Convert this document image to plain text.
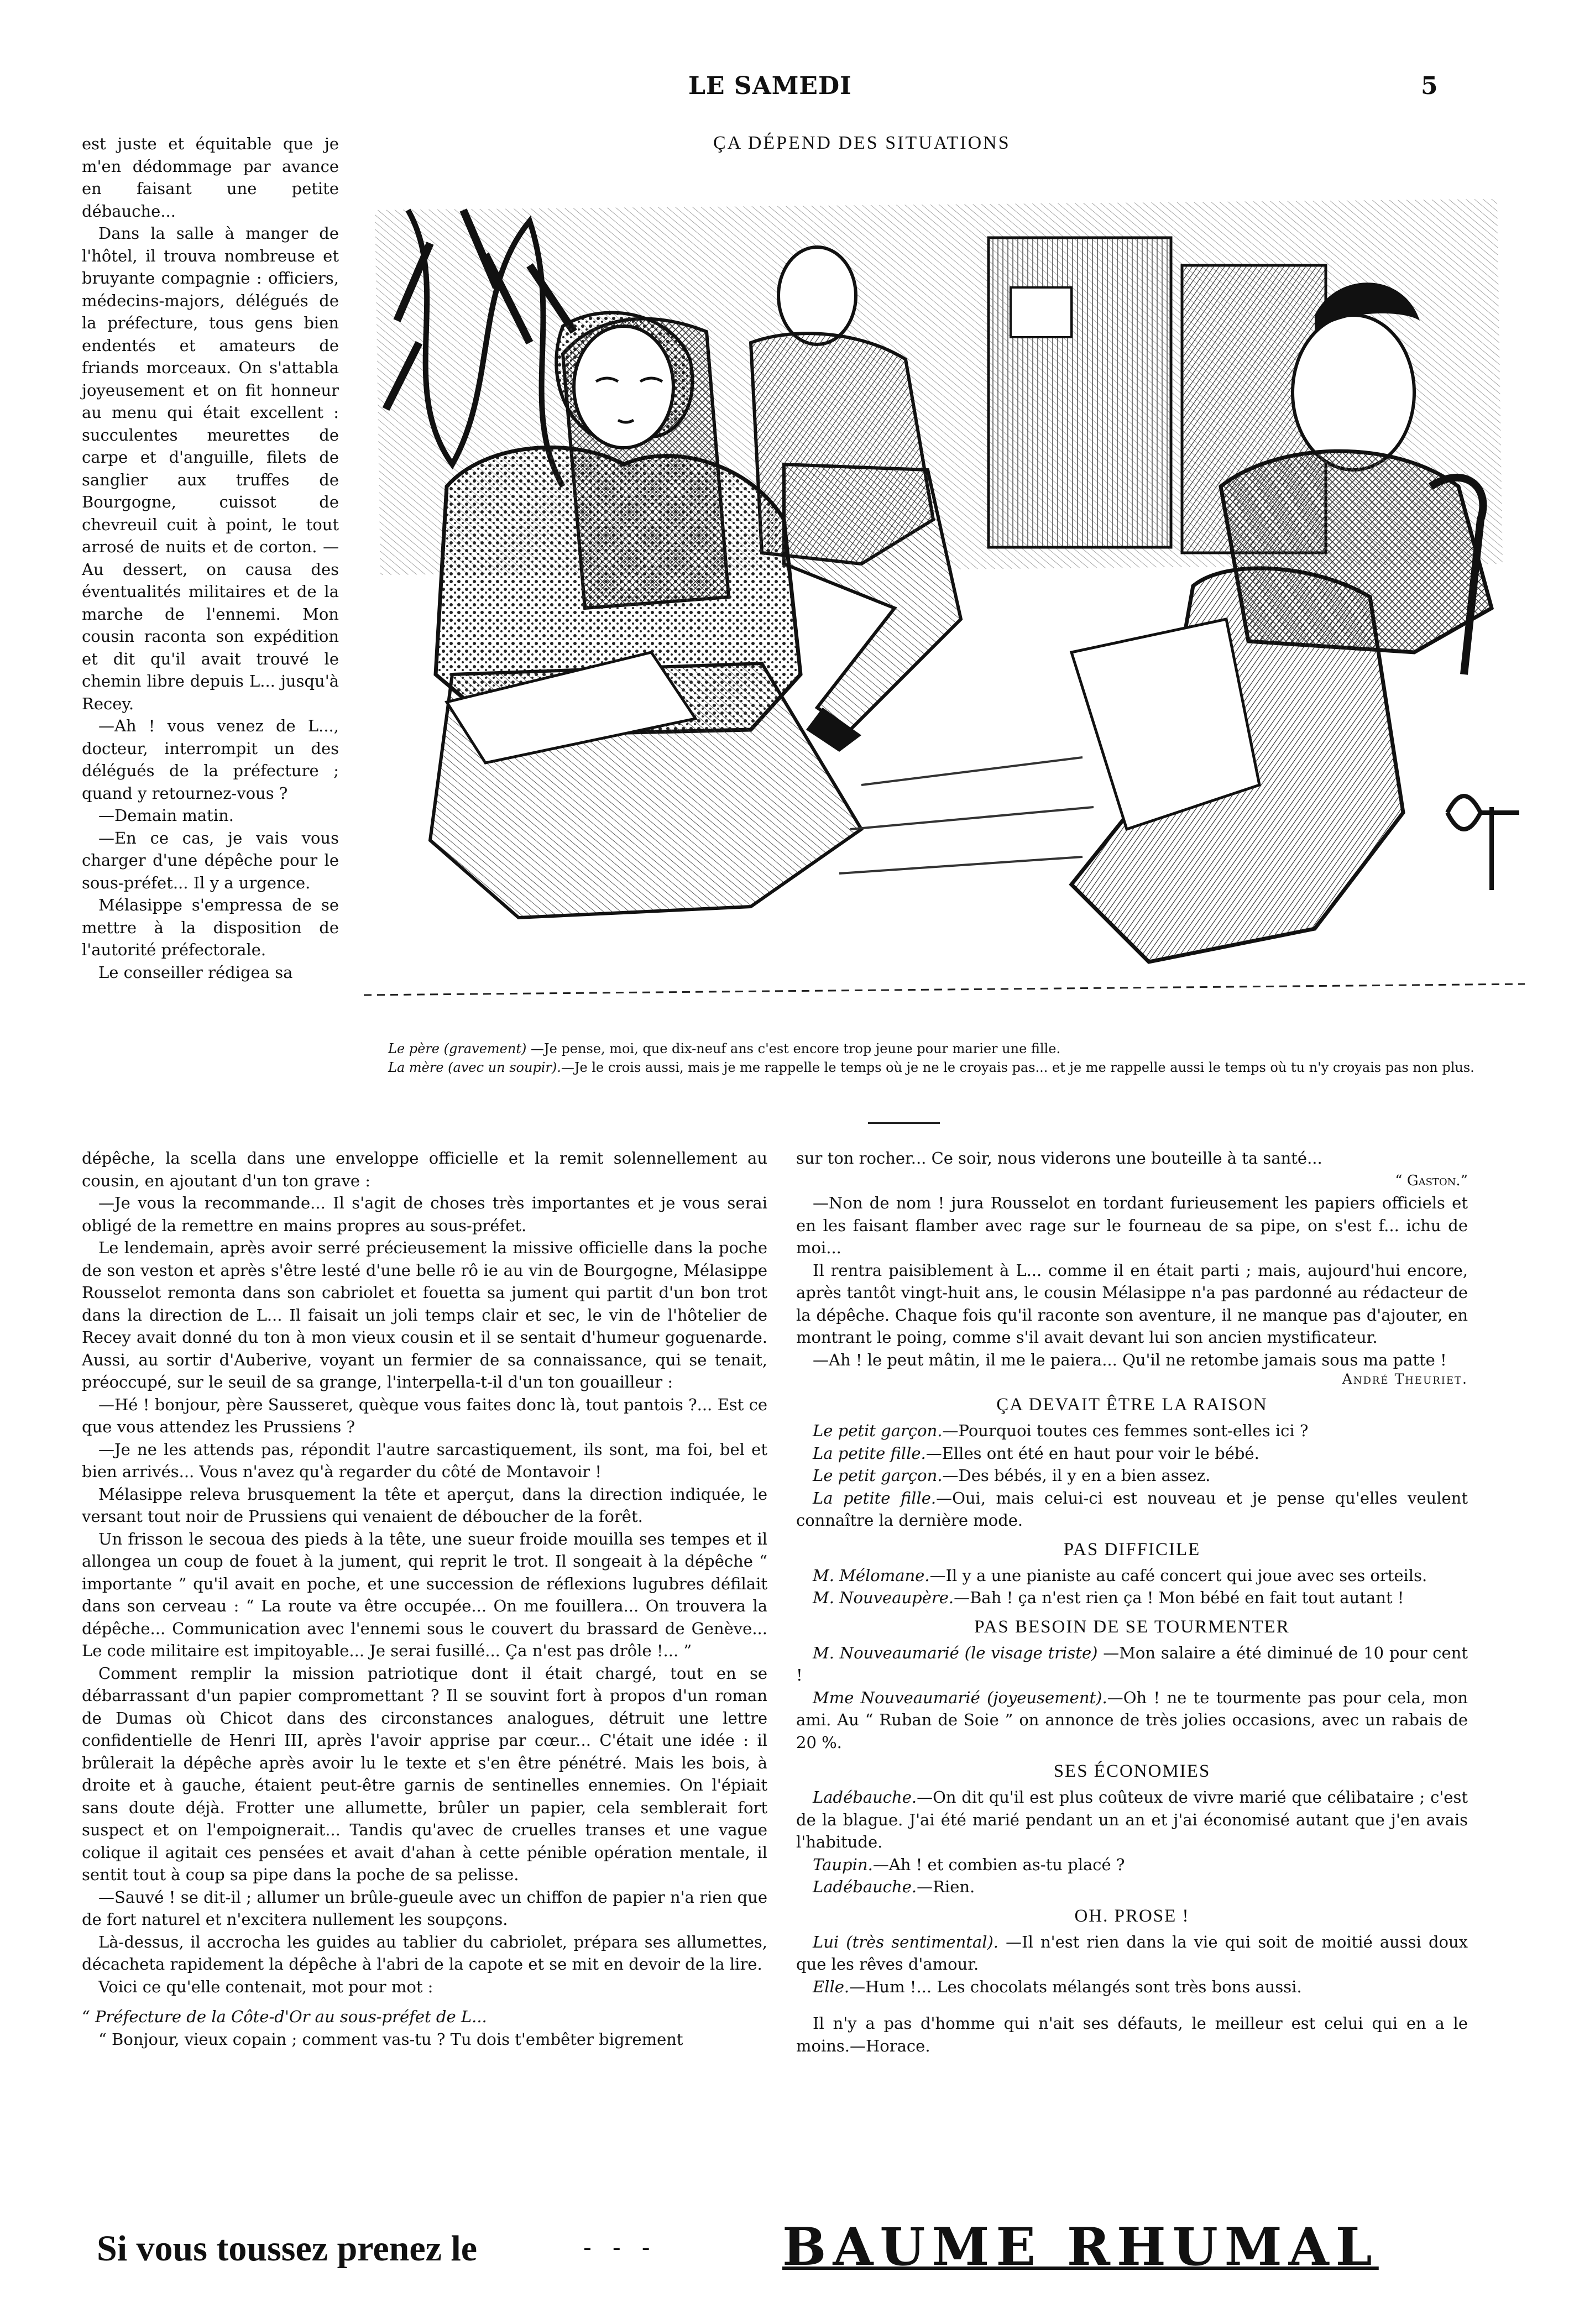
LE SAMEDI	5
ÇA DÉPEND DES SITUATIONS
Le père (gravement) —Je pense, moi, que dix-neuf ans c'est encore trop jeune pour marier une fille.
La mère (avec un soupir).—Je le crois aussi, mais je me rappelle le temps où je ne le croyais pas... et je me rappelle aussi le temps où tu n'y croyais pas non plus.

est juste et équitable que je m'en dédommage par avance en faisant une petite débauche...

Dans la salle à manger de l'hôtel, il trouva nombreuse et bruyante compagnie : officiers, médecins-majors, délégués de la préfecture, tous gens bien endentés et amateurs de friands morceaux. On s'attabla joyeusement et on fit honneur au menu qui était excellent : succulentes meurettes de carpe et d'anguille, filets de sanglier aux truffes de Bourgogne, cuissot de chevreuil cuit à point, le tout arrosé de nuits et de corton. — Au dessert, on causa des éventualités militaires et de la marche de l'ennemi. Mon cousin raconta son expédition et dit qu'il avait trouvé le chemin libre depuis L... jusqu'à Recey.

—Ah ! vous venez de L..., docteur, interrompit un des délégués de la préfecture ; quand y retournez-vous ?

—Demain matin.

—En ce cas, je vais vous charger d'une dépêche pour le sous-préfet... Il y a urgence.

Mélasippe s'empressa de se mettre à la disposition de l'autorité préfectorale.

Le conseiller rédigea sa

dépêche, la scella dans une enveloppe officielle et la remit solennellement au cousin, en ajoutant d'un ton grave :

—Je vous la recommande... Il s'agit de choses très importantes et je vous serai obligé de la remettre en mains propres au sous-préfet.

Le lendemain, après avoir serré précieusement la missive officielle dans la poche de son veston et après s'être lesté d'une belle rô ie au vin de Bourgogne, Mélasippe Rousselot remonta dans son cabriolet et fouetta sa jument qui partit d'un bon trot dans la direction de L... Il faisait un joli temps clair et sec, le vin de l'hôtelier de Recey avait donné du ton à mon vieux cousin et il se sentait d'humeur goguenarde. Aussi, au sortir d'Auberive, voyant un fermier de sa connaissance, qui se tenait, préoccupé, sur le seuil de sa grange, l'interpella-t-il d'un ton gouailleur :

—Hé ! bonjour, père Sausseret, quèque vous faites donc là, tout pantois ?... Est ce que vous attendez les Prussiens ?

—Je ne les attends pas, répondit l'autre sarcastiquement, ils sont, ma foi, bel et bien arrivés... Vous n'avez qu'à regarder du côté de Montavoir !

Mélasippe releva brusquement la tête et aperçut, dans la direction indiquée, le versant tout noir de Prussiens qui venaient de déboucher de la forêt.

Un frisson le secoua des pieds à la tête, une sueur froide mouilla ses tempes et il allongea un coup de fouet à la jument, qui reprit le trot. Il songeait à la dépêche “ importante ” qu'il avait en poche, et une succession de réflexions lugubres défilait dans son cerveau : “ La route va être occupée... On me fouillera... On trouvera la dépêche... Communication avec l'ennemi sous le couvert du brassard de Genève... Le code militaire est impitoyable... Je serai fusillé... Ça n'est pas drôle !... ”

Comment remplir la mission patriotique dont il était chargé, tout en se débarrassant d'un papier compromettant ? Il se souvint fort à propos d'un roman de Dumas où Chicot dans des circonstances analogues, détruit une lettre confidentielle de Henri III, après l'avoir apprise par cœur... C'était une idée : il brûlerait la dépêche après avoir lu le texte et s'en être pénétré. Mais les bois, à droite et à gauche, étaient peut-être garnis de sentinelles ennemies. On l'épiait sans doute déjà. Frotter une allumette, brûler un papier, cela semblerait fort suspect et on l'empoignerait... Tandis qu'avec de cruelles transes et une vague colique il agitait ces pensées et avait d'ahan à cette pénible opération mentale, il sentit tout à coup sa pipe dans la poche de sa pelisse.

—Sauvé ! se dit-il ; allumer un brûle-gueule avec un chiffon de papier n'a rien que de fort naturel et n'excitera nullement les soupçons.

Là-dessus, il accrocha les guides au tablier du cabriolet, prépara ses allumettes, décacheta rapidement la dépêche à l'abri de la capote et se mit en devoir de la lire.

Voici ce qu'elle contenait, mot pour mot :

“ Préfecture de la Côte-d'Or au sous-préfet de L...

“ Bonjour, vieux copain ; comment vas-tu ? Tu dois t'embêter bigrement

sur ton rocher... Ce soir, nous viderons une bouteille à ta santé...

“ Gaston.”

—Non de nom ! jura Rousselot en tordant furieusement les papiers officiels et en les faisant flamber avec rage sur le fourneau de sa pipe, on s'est f... ichu de moi...

Il rentra paisiblement à L... comme il en était parti ; mais, aujourd'hui encore, après tantôt vingt-huit ans, le cousin Mélasippe n'a pas pardonné au rédacteur de la dépêche. Chaque fois qu'il raconte son aventure, il ne manque pas d'ajouter, en montrant le poing, comme s'il avait devant lui son ancien mystificateur.

—Ah ! le peut mâtin, il me le paiera... Qu'il ne retombe jamais sous ma patte !

André Theuriet.
ÇA DEVAIT ÊTRE LA RAISON

Le petit garçon.—Pourquoi toutes ces femmes sont-elles ici ?

La petite fille.—Elles ont été en haut pour voir le bébé.

Le petit garçon.—Des bébés, il y en a bien assez.

La petite fille.—Oui, mais celui-ci est nouveau et je pense qu'elles veulent connaître la dernière mode.

PAS DIFFICILE

M. Mélomane.—Il y a une pianiste au café concert qui joue avec ses orteils.

M. Nouveaupère.—Bah ! ça n'est rien ça ! Mon bébé en fait tout autant !

PAS BESOIN DE SE TOURMENTER

M. Nouveaumarié (le visage triste) —Mon salaire a été diminué de 10 pour cent !

Mme Nouveaumarié (joyeusement).—Oh ! ne te tourmente pas pour cela, mon ami. Au “ Ruban de Soie ” on annonce de très jolies occasions, avec un rabais de 20 %.

SES ÉCONOMIES

Ladébauche.—On dit qu'il est plus coûteux de vivre marié que célibataire ; c'est de la blague. J'ai été marié pendant un an et j'ai économisé autant que j'en avais l'habitude.

Taupin.—Ah ! et combien as-tu placé ?

Ladébauche.—Rien.

OH. PROSE !

Lui (très sentimental). —Il n'est rien dans la vie qui soit de moitié aussi doux que les rêves d'amour.

Elle.—Hum !... Les chocolats mélangés sont très bons aussi.

Il n'y a pas d'homme qui n'ait ses défauts, le meilleur est celui qui en a le moins.—Horace.

Si vous toussez prenez le	- - - BAUME RHUMAL
